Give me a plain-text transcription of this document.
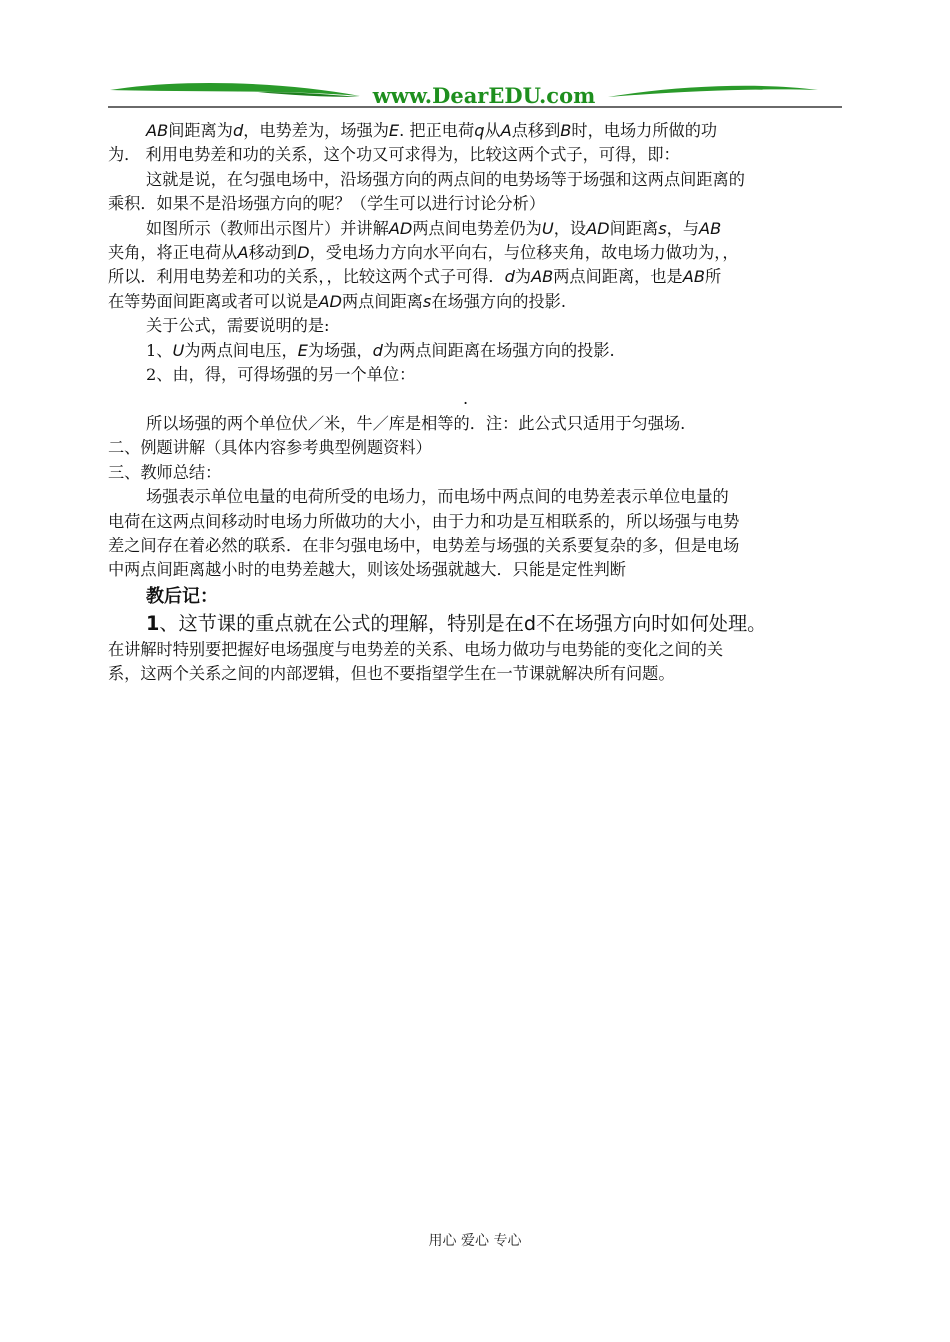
www.DearEDU.com

AB间距离为d，电势差为，场强为E. 把正电荷q从A点移到B时，电场力所做的功

为． 利用电势差和功的关系，这个功又可求得为，比较这两个式子，可得，即：

这就是说，在匀强电场中，沿场强方向的两点间的电势场等于场强和这两点间距离的

乘积．如果不是沿场强方向的呢？（学生可以进行讨论分析）

如图所示（教师出示图片）并讲解AD两点间电势差仍为U，设AD间距离s，与AB

夹角，将正电荷从A移动到D，受电场力方向水平向右，与位移夹角，故电场力做功为，，

所以．利用电势差和功的关系，，比较这两个式子可得．d为AB两点间距离，也是AB所

在等势面间距离或者可以说是AD两点间距离s在场强方向的投影.

关于公式，需要说明的是:

1、U为两点间电压，E为场强，d为两点间距离在场强方向的投影.

2、由，得，可得场强的另一个单位：

.

所以场强的两个单位伏／米，牛／库是相等的．注：此公式只适用于匀强场.

二、例题讲解（具体内容参考典型例题资料）

三、教师总结：

场强表示单位电量的电荷所受的电场力，而电场中两点间的电势差表示单位电量的

电荷在这两点间移动时电场力所做功的大小，由于力和功是互相联系的，所以场强与电势

差之间存在着必然的联系．在非匀强电场中，电势差与场强的关系要复杂的多，但是电场

中两点间距离越小时的电势差越大，则该处场强就越大．只能是定性判断

教后记：

1、这节课的重点就在公式的理解，特别是在d不在场强方向时如何处理。

在讲解时特别要把握好电场强度与电势差的关系、电场力做功与电势能的变化之间的关

系，这两个关系之间的内部逻辑，但也不要指望学生在一节课就解决所有问题。

用心 爱心 专心
